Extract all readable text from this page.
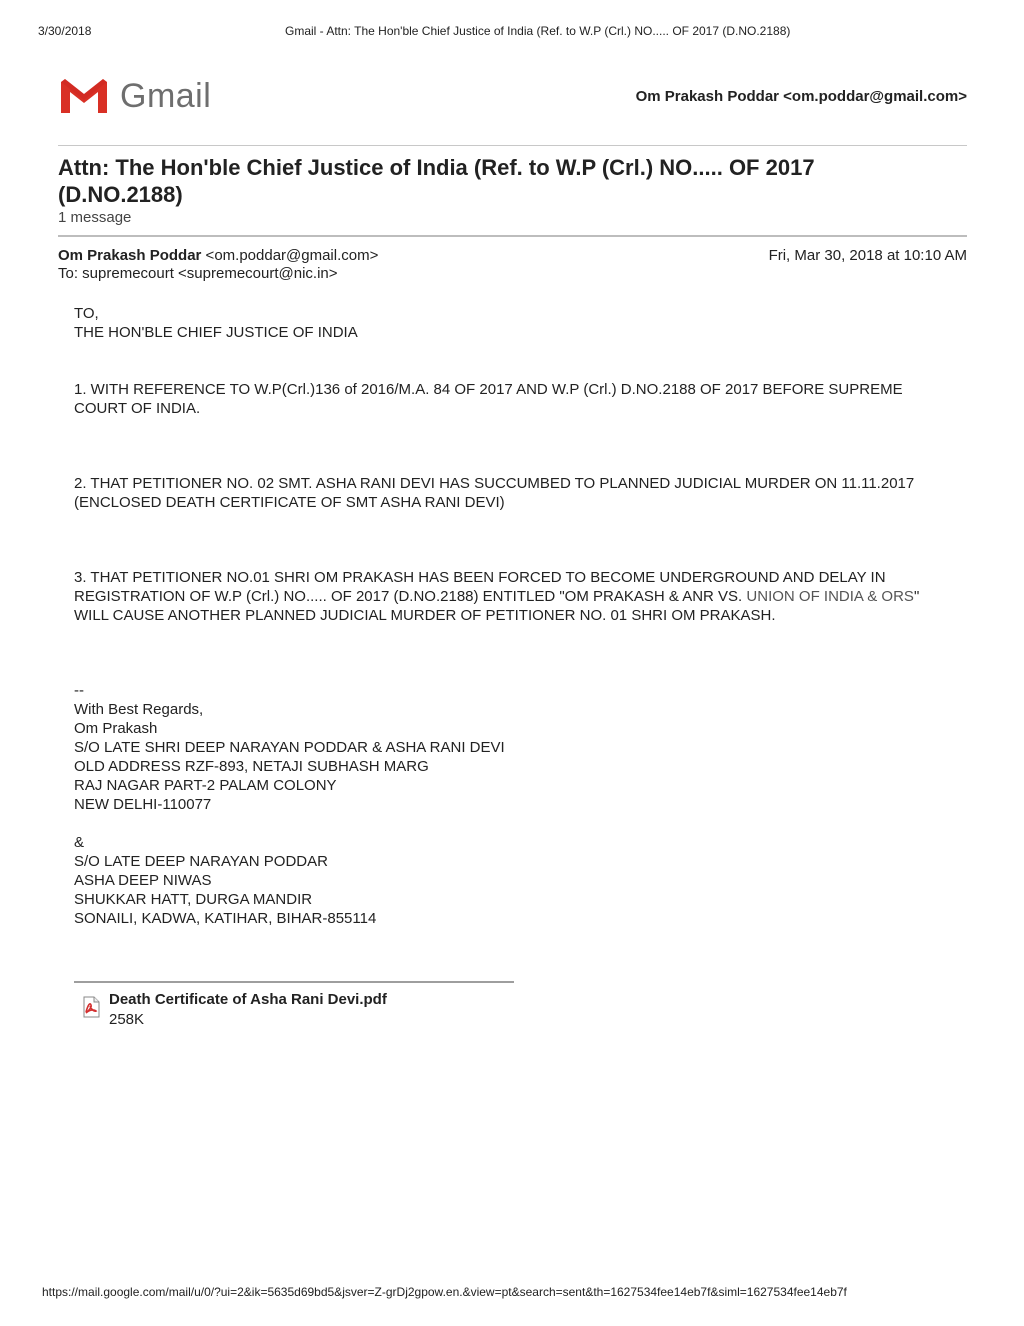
3/30/2018	Gmail - Attn: The Hon'ble Chief Justice of India (Ref. to W.P (Crl.) NO..... OF 2017 (D.NO.2188)
Gmail	Om Prakash Poddar <om.poddar@gmail.com>
Attn: The Hon'ble Chief Justice of India (Ref. to W.P (Crl.) NO..... OF 2017 (D.NO.2188)
1 message
Om Prakash Poddar <om.poddar@gmail.com>	Fri, Mar 30, 2018 at 10:10 AM
To: supremecourt <supremecourt@nic.in>
TO,
THE HON'BLE CHIEF JUSTICE OF INDIA
1. WITH REFERENCE TO W.P(Crl.)136 of 2016/M.A. 84 OF 2017 AND W.P (Crl.) D.NO.2188 OF 2017 BEFORE SUPREME COURT OF INDIA.
2. THAT PETITIONER NO. 02 SMT. ASHA RANI DEVI HAS SUCCUMBED TO PLANNED JUDICIAL MURDER ON 11.11.2017 (ENCLOSED DEATH CERTIFICATE OF SMT ASHA RANI DEVI)
3. THAT PETITIONER NO.01 SHRI OM PRAKASH HAS BEEN FORCED TO BECOME UNDERGROUND AND DELAY IN REGISTRATION OF W.P (Crl.) NO..... OF 2017 (D.NO.2188) ENTITLED "OM PRAKASH & ANR VS. UNION OF INDIA & ORS" WILL CAUSE ANOTHER PLANNED JUDICIAL MURDER OF PETITIONER NO. 01 SHRI OM PRAKASH.
--
With Best Regards,
Om Prakash
S/O LATE SHRI DEEP NARAYAN PODDAR & ASHA RANI DEVI
OLD ADDRESS RZF-893, NETAJI SUBHASH MARG
RAJ NAGAR PART-2 PALAM COLONY
NEW DELHI-110077
&
S/O LATE DEEP NARAYAN PODDAR
ASHA DEEP NIWAS
SHUKKAR HATT, DURGA MANDIR
SONAILI, KADWA, KATIHAR, BIHAR-855114
Death Certificate of Asha Rani Devi.pdf
258K
https://mail.google.com/mail/u/0/?ui=2&ik=5635d69bd5&jsver=Z-grDj2gpow.en.&view=pt&search=sent&th=1627534fee14eb7f&siml=1627534fee14eb7f
